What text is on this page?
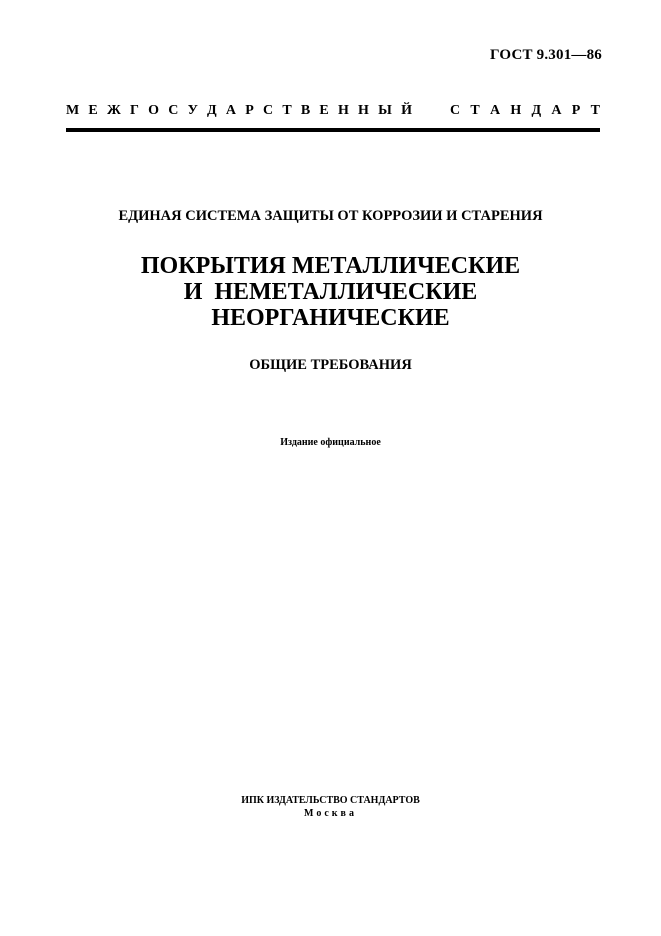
ГОСТ 9.301—86
М Е Ж Г О С У Д А Р С Т В Е Н Н Ы Й	С Т А Н Д А Р Т
ЕДИНАЯ СИСТЕМА ЗАЩИТЫ ОТ КОРРОЗИИ И СТАРЕНИЯ
ПОКРЫТИЯ МЕТАЛЛИЧЕСКИЕ
И  НЕМЕТАЛЛИЧЕСКИЕ
НЕОРГАНИЧЕСКИЕ
ОБЩИЕ ТРЕБОВАНИЯ
Издание официальное
ИПК ИЗДАТЕЛЬСТВО СТАНДАРТОВ
Москва
